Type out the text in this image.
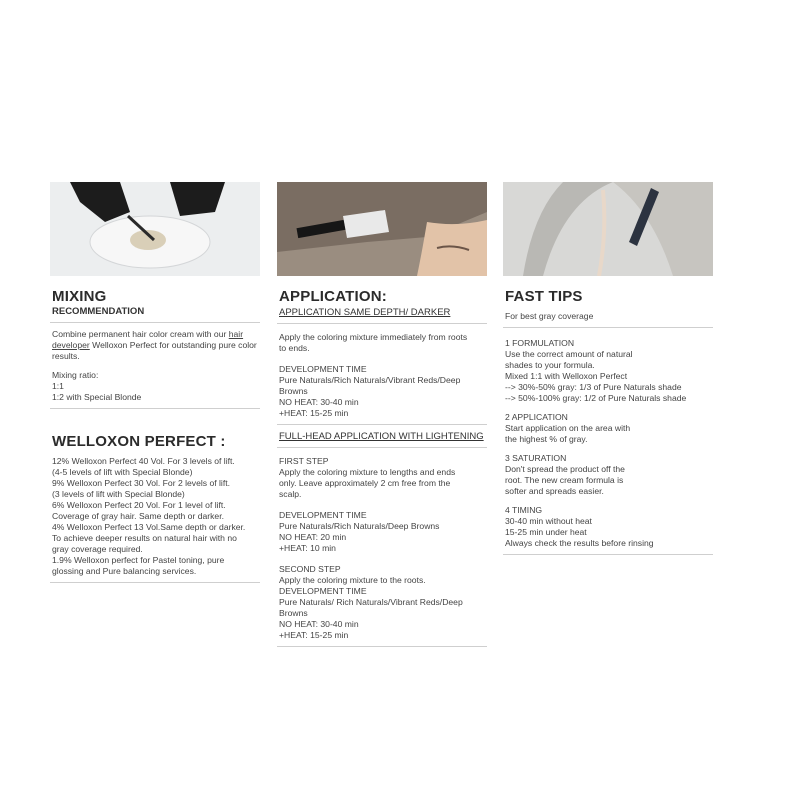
MIXING
RECOMMENDATION
Combine permanent hair color cream with our hair developer Welloxon Perfect for outstanding pure color results.
Mixing ratio:
1:1
1:2 with Special Blonde
WELLOXON PERFECT :
12% Welloxon Perfect 40 Vol. For 3 levels of lift.
(4-5 levels of lift with Special Blonde)
9% Welloxon Perfect 30 Vol. For 2 levels of lift.
(3 levels of lift with Special Blonde)
6% Welloxon Perfect 20 Vol. For 1 level of lift.
Coverage of gray hair. Same depth or darker.
4% Welloxon Perfect 13 Vol.Same depth or darker.
To achieve deeper results on natural hair with no
gray coverage required.
1.9% Welloxon perfect for Pastel toning, pure
glossing and Pure balancing services.
APPLICATION:
APPLICATION SAME DEPTH/ DARKER
Apply the coloring mixture immediately from roots
to ends.
DEVELOPMENT TIME
Pure Naturals/Rich Naturals/Vibrant Reds/Deep
Browns
NO HEAT: 30-40 min
+HEAT: 15-25 min
FULL-HEAD APPLICATION WITH LIGHTENING
FIRST STEP
Apply the coloring mixture to lengths and ends
only. Leave approximately 2 cm free from the
scalp.
DEVELOPMENT TIME
Pure Naturals/Rich Naturals/Deep Browns
NO HEAT: 20 min
+HEAT: 10 min
SECOND STEP
Apply the coloring mixture to the roots.
DEVELOPMENT TIME
Pure Naturals/ Rich Naturals/Vibrant Reds/Deep
Browns
NO HEAT: 30-40 min
+HEAT: 15-25 min
FAST TIPS
For best gray coverage
1 FORMULATION
Use the correct amount of natural
shades to your formula.
Mixed 1:1 with Welloxon Perfect
--> 30%-50% gray: 1/3 of Pure Naturals shade
--> 50%-100% gray: 1/2 of Pure Naturals shade
2 APPLICATION
Start application on the area with
the highest % of gray.
3 SATURATION
Don't spread the product off the
root. The new cream formula is
softer and spreads easier.
4 TIMING
30-40 min without heat
15-25 min under heat
Always check the results before rinsing
